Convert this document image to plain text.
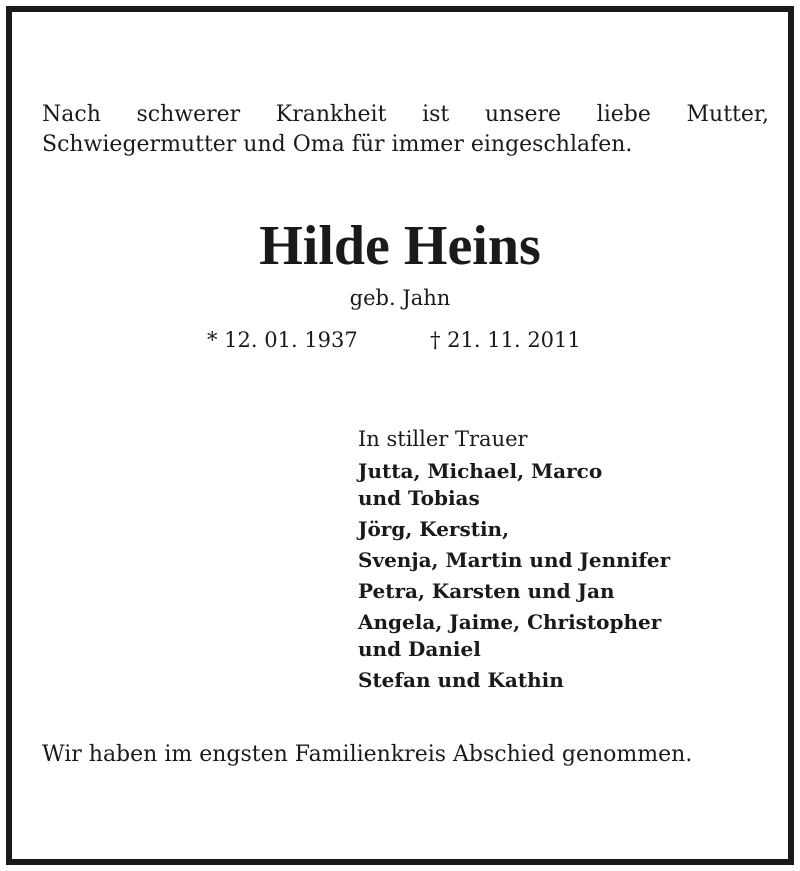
Nach schwerer Krankheit ist unsere liebe Mutter,
Schwiegermutter und Oma für immer eingeschlafen.

Hilde Heins

geb. Jahn

* 12. 01. 1937	† 21. 11. 2011
In stiller Trauer
Jutta, Michael, Marco
und Tobias
Jörg, Kerstin,
Svenja, Martin und Jennifer
Petra, Karsten und Jan
Angela, Jaime, Christopher
und Daniel
Stefan und Kathin

Wir haben im engsten Familienkreis Abschied genommen.
